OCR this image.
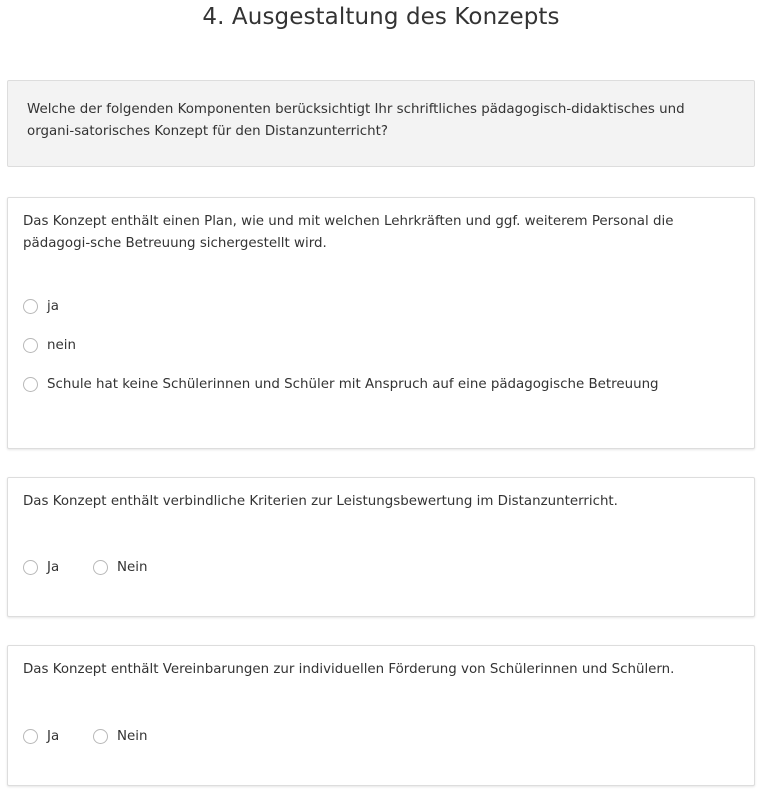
4. Ausgestaltung des Konzepts
Welche der folgenden Komponenten berücksichtigt Ihr schriftliches pädagogisch-didaktisches und organi-satorisches Konzept für den Distanzunterricht?
Das Konzept enthält einen Plan, wie und mit welchen Lehrkräften und ggf. weiterem Personal die pädagogi-sche Betreuung sichergestellt wird.
ja
nein
Schule hat keine Schülerinnen und Schüler mit Anspruch auf eine pädagogische Betreuung
Das Konzept enthält verbindliche Kriterien zur Leistungsbewertung im Distanzunterricht.
Ja	Nein
Das Konzept enthält Vereinbarungen zur individuellen Förderung von Schülerinnen und Schülern.
Ja	Nein
